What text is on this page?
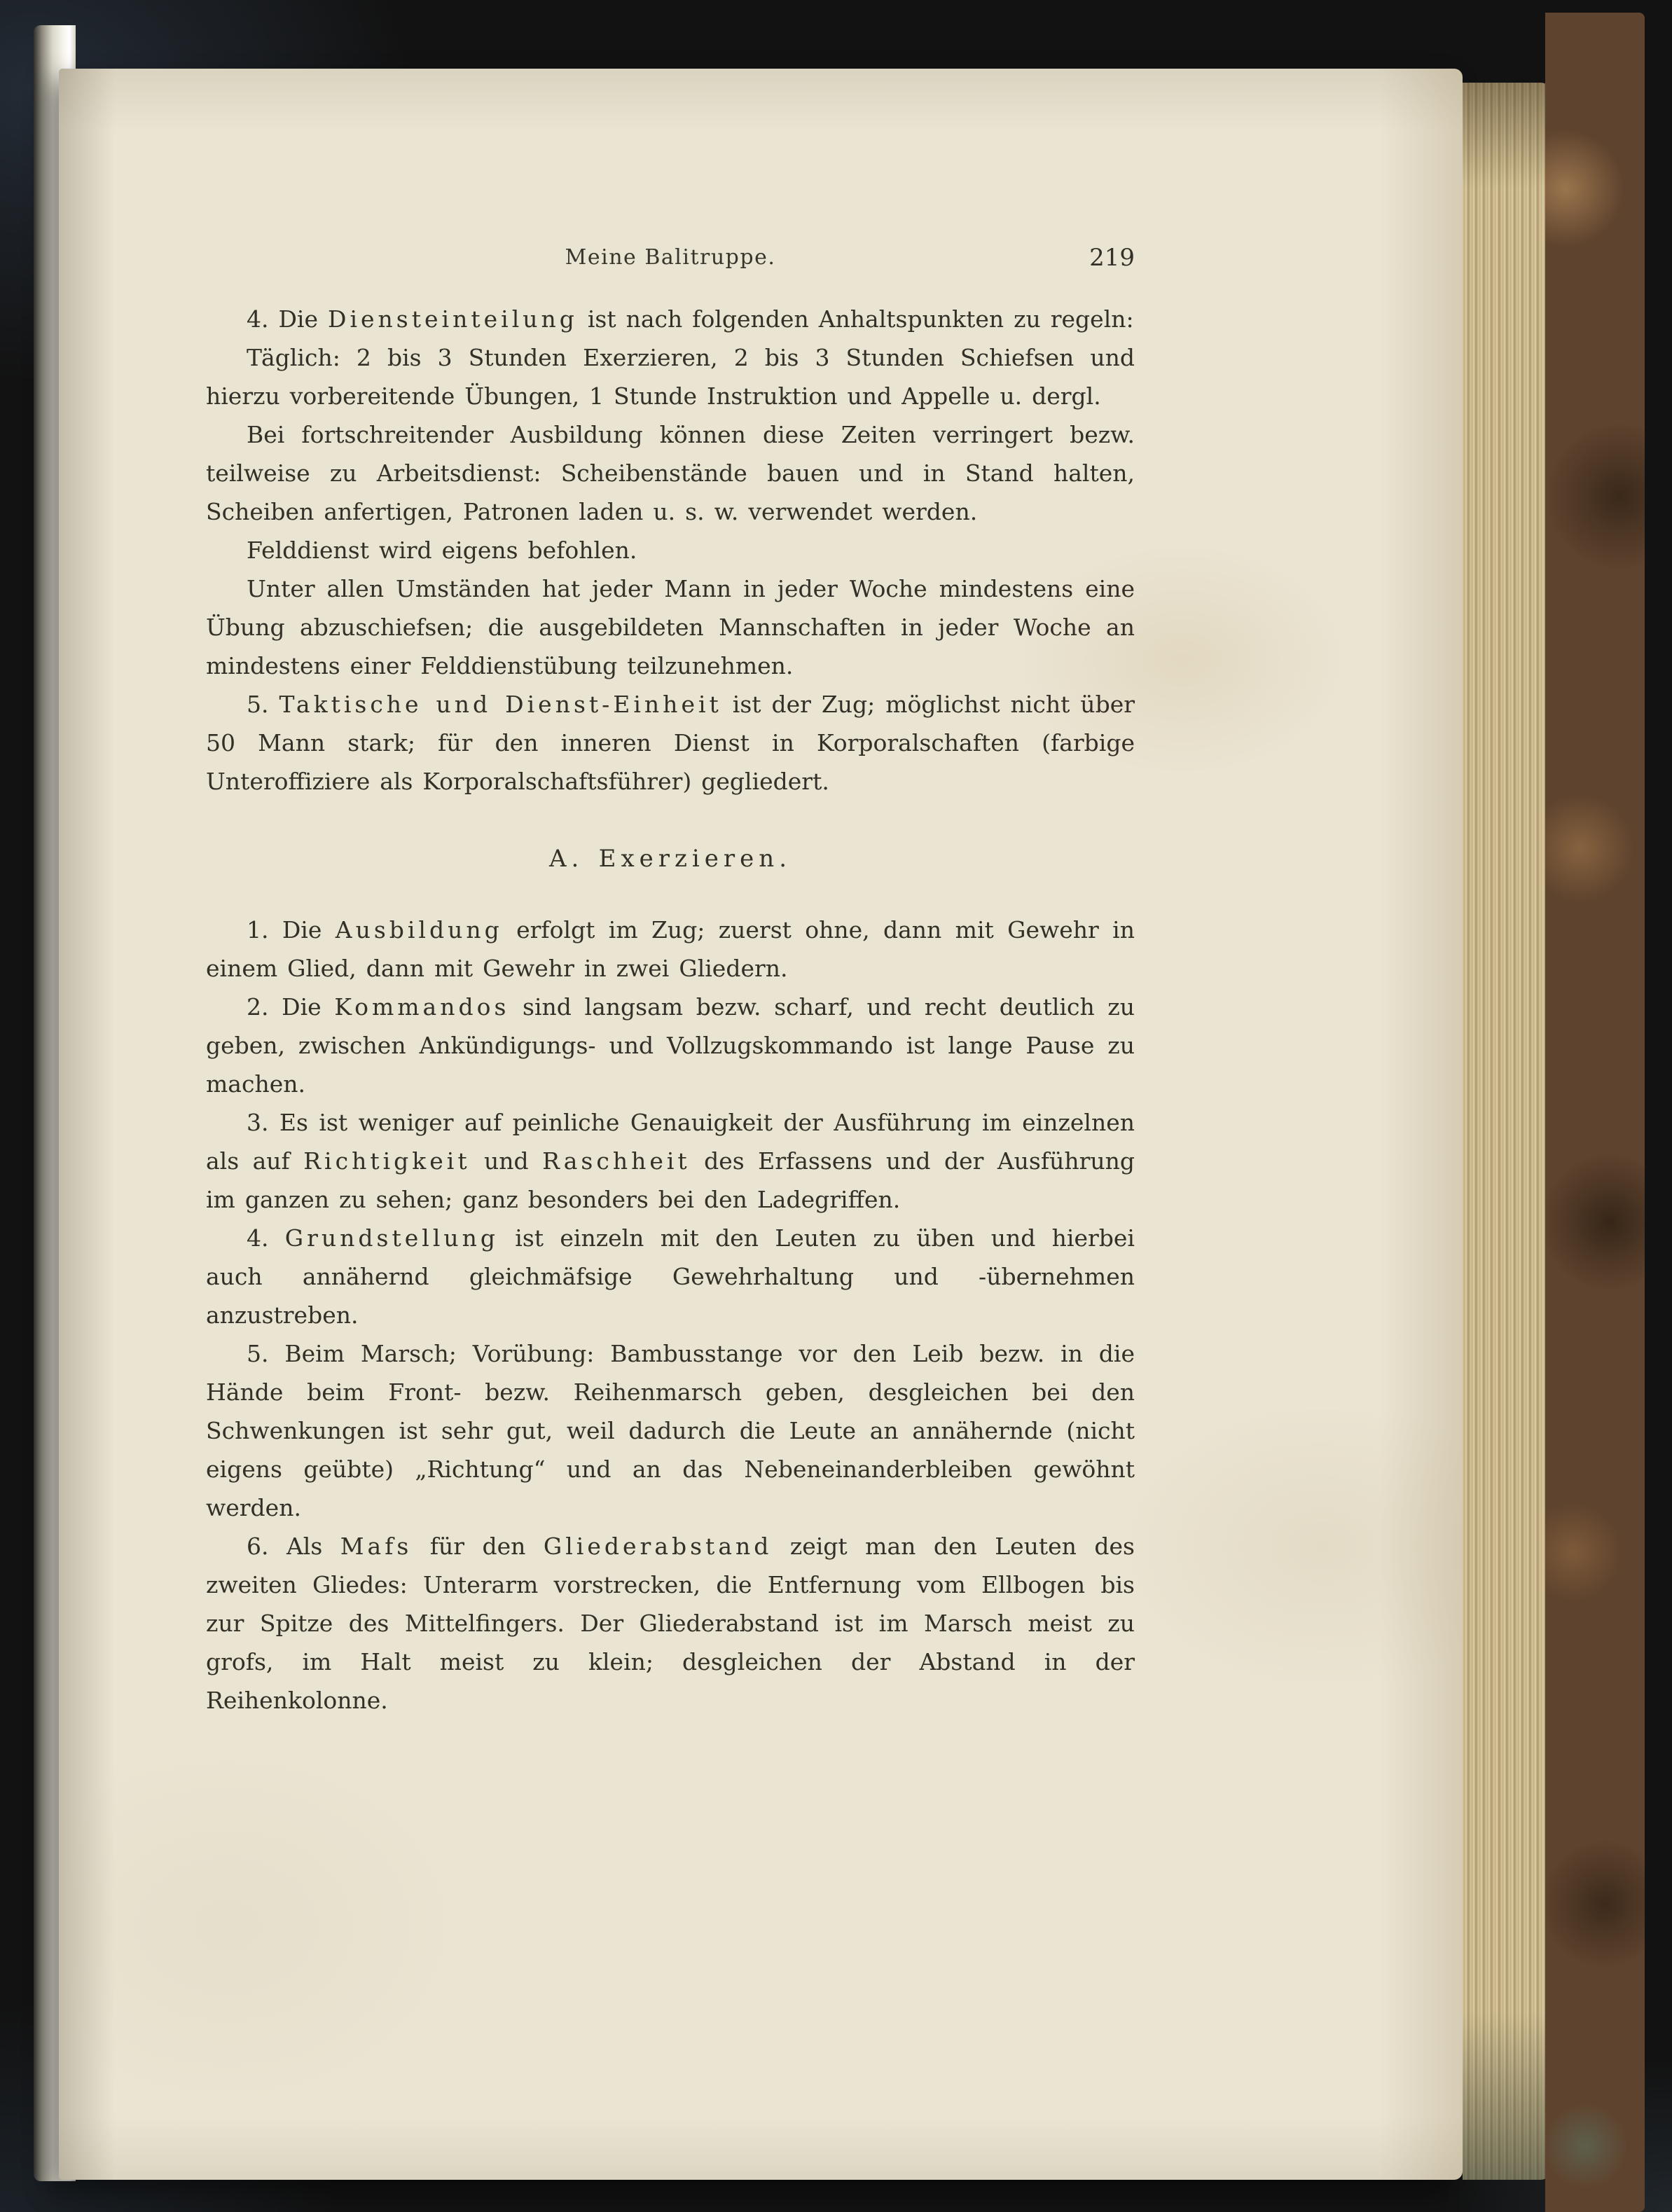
Meine Balitruppe.	219

4. Die Diensteinteilung ist nach folgenden Anhaltspunkten zu regeln:

Täglich: 2 bis 3 Stunden Exerzieren, 2 bis 3 Stunden Schiefsen und hierzu vorbereitende Übungen, 1 Stunde Instruktion und Appelle u. dergl.

Bei fortschreitender Ausbildung können diese Zeiten verringert bezw. teilweise zu Arbeitsdienst: Scheibenstände bauen und in Stand halten, Scheiben anfertigen, Patronen laden u. s. w. verwendet werden.

Felddienst wird eigens befohlen.

Unter allen Umständen hat jeder Mann in jeder Woche mindestens eine Übung abzuschiefsen; die ausgebildeten Mannschaften in jeder Woche an mindestens einer Felddienstübung teilzunehmen.

5. Taktische und Dienst-Einheit ist der Zug; möglichst nicht über 50 Mann stark; für den inneren Dienst in Korporalschaften (farbige Unteroffiziere als Korporalschaftsführer) gegliedert.

A. Exerzieren.

1. Die Ausbildung erfolgt im Zug; zuerst ohne, dann mit Gewehr in einem Glied, dann mit Gewehr in zwei Gliedern.

2. Die Kommandos sind langsam bezw. scharf, und recht deutlich zu geben, zwischen Ankündigungs- und Vollzugskommando ist lange Pause zu machen.

3. Es ist weniger auf peinliche Genauigkeit der Ausführung im einzelnen als auf Richtigkeit und Raschheit des Erfassens und der Ausführung im ganzen zu sehen; ganz besonders bei den Ladegriffen.

4. Grundstellung ist einzeln mit den Leuten zu üben und hierbei auch annähernd gleichmäfsige Gewehrhaltung und -übernehmen anzustreben.

5. Beim Marsch; Vorübung: Bambusstange vor den Leib bezw. in die Hände beim Front- bezw. Reihenmarsch geben, desgleichen bei den Schwenkungen ist sehr gut, weil dadurch die Leute an annähernde (nicht eigens geübte) „Richtung“ und an das Nebeneinanderbleiben gewöhnt werden.

6. Als Mafs für den Gliederabstand zeigt man den Leuten des zweiten Gliedes: Unterarm vorstrecken, die Entfernung vom Ellbogen bis zur Spitze des Mittelfingers. Der Gliederabstand ist im Marsch meist zu grofs, im Halt meist zu klein; desgleichen der Abstand in der Reihenkolonne.
